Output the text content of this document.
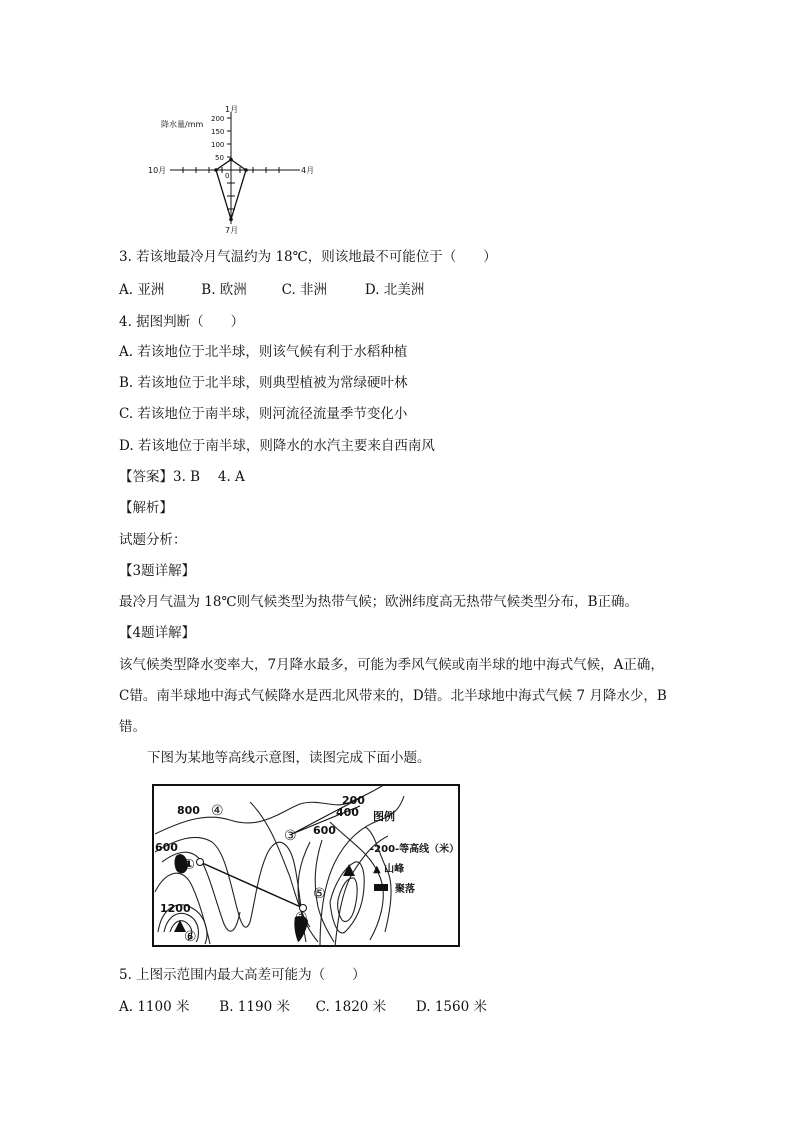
降水量/mm
200
150
100
50
0
1月
4月
7月
10月
3. 若该地最冷月气温约为 18℃，则该地最不可能位于（　　）
A. 亚洲	B. 欧洲	C. 非洲	D. 北美洲
4. 据图判断（　　）
A. 若该地位于北半球，则该气候有利于水稻种植
B. 若该地位于北半球，则典型植被为常绿硬叶林
C. 若该地位于南半球，则河流径流量季节变化小
D. 若该地位于南半球，则降水的水汽主要来自西南风
【答案】3. B　 4. A
【解析】
试题分析：
【3题详解】
最冷月气温为 18℃则气候类型为热带气候；欧洲纬度高无热带气候类型分布，B正确。
【4题详解】
该气候类型降水变率大，7月降水最多，可能为季风气候或南半球的地中海式气候，A正确，
C错。南半球地中海式气候降水是西北风带来的，D错。北半球地中海式气候 7 月降水少，B
错。
下图为某地等高线示意图，读图完成下面小题。
800
200
400
600
600
1200
①
②
③
④
⑤
⑥
图例
-200-等高线（米）
▲ 山峰
聚落
5. 上图示范围内最大高差可能为（　　）
A. 1100 米 B. 1190 米 C. 1820 米 D. 1560 米
